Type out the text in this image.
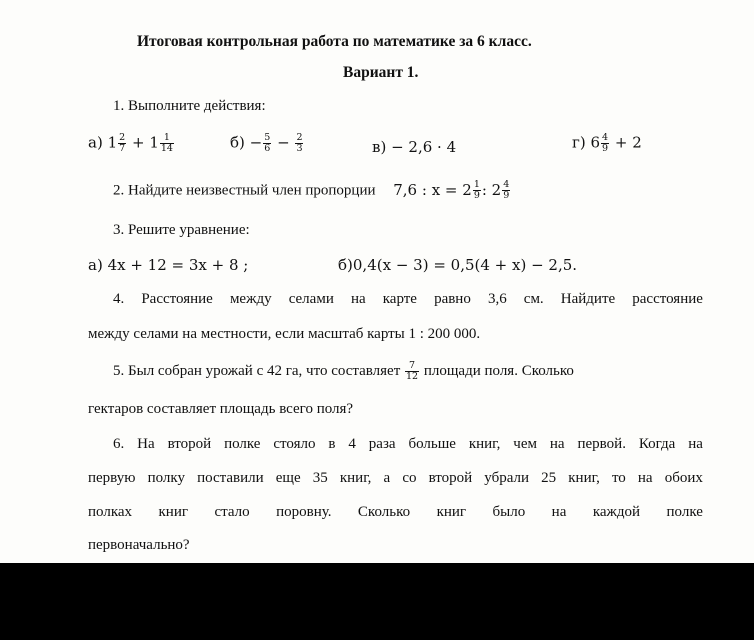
Итоговая контрольная работа по математике за 6 класс.
Вариант 1.
1. Выполните действия:
а) $1 \frac{2}{7} + 1 \frac{1}{14}$	$б) - \frac{5}{6} - \frac{2}{3}$	в) − 2,6 · 4	г) $6 \frac{4}{9} + 2$
2. Найдите неизвестный член пропорции 7,6 : $x = 2 \frac{1}{9}$ : $2 \frac{4}{9}$
3. Решите уравнение:
а) 4x + 12 = 3x + 8 ;	б)0,4(x − 3) = 0,5(4 + x) − 2,5.
4. Расстояние между селами на карте равно 3,6 см. Найдите расстояние
между селами на местности, если масштаб карты 1 : 200 000.
5. Был собран урожай с 42 га, что составляет $\frac{7}{12}$ площади поля. Сколько
гектаров составляет площадь всего поля?
6. На второй полке стояло в 4 раза больше книг, чем на первой. Когда на
первую полку поставили еще 35 книг, а со второй убрали 25 книг, то на обоих
полках книг стало поровну. Сколько книг было на каждой полке
первоначально?
